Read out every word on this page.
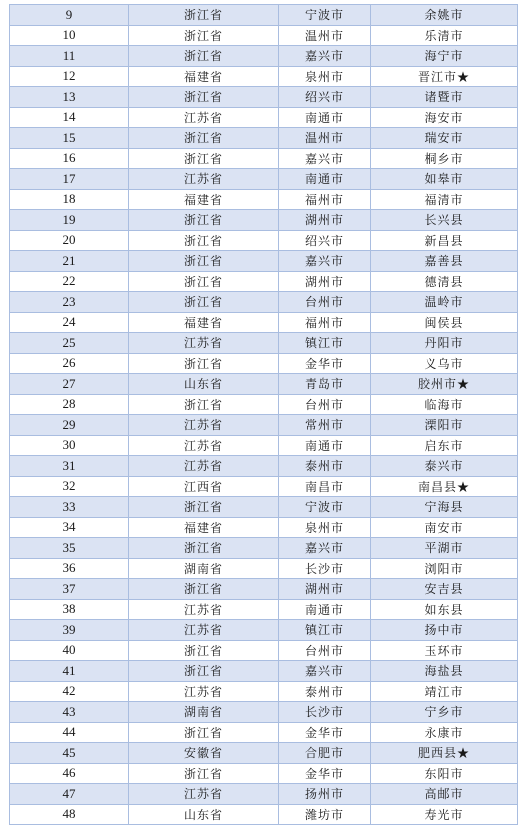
9	浙江省	宁波市	余姚市
10	浙江省	温州市	乐清市
11	浙江省	嘉兴市	海宁市
12	福建省	泉州市	晋江市★
13	浙江省	绍兴市	诸暨市
14	江苏省	南通市	海安市
15	浙江省	温州市	瑞安市
16	浙江省	嘉兴市	桐乡市
17	江苏省	南通市	如皋市
18	福建省	福州市	福清市
19	浙江省	湖州市	长兴县
20	浙江省	绍兴市	新昌县
21	浙江省	嘉兴市	嘉善县
22	浙江省	湖州市	德清县
23	浙江省	台州市	温岭市
24	福建省	福州市	闽侯县
25	江苏省	镇江市	丹阳市
26	浙江省	金华市	义乌市
27	山东省	青岛市	胶州市★
28	浙江省	台州市	临海市
29	江苏省	常州市	溧阳市
30	江苏省	南通市	启东市
31	江苏省	泰州市	泰兴市
32	江西省	南昌市	南昌县★
33	浙江省	宁波市	宁海县
34	福建省	泉州市	南安市
35	浙江省	嘉兴市	平湖市
36	湖南省	长沙市	浏阳市
37	浙江省	湖州市	安吉县
38	江苏省	南通市	如东县
39	江苏省	镇江市	扬中市
40	浙江省	台州市	玉环市
41	浙江省	嘉兴市	海盐县
42	江苏省	泰州市	靖江市
43	湖南省	长沙市	宁乡市
44	浙江省	金华市	永康市
45	安徽省	合肥市	肥西县★
46	浙江省	金华市	东阳市
47	江苏省	扬州市	高邮市
48	山东省	潍坊市	寿光市
